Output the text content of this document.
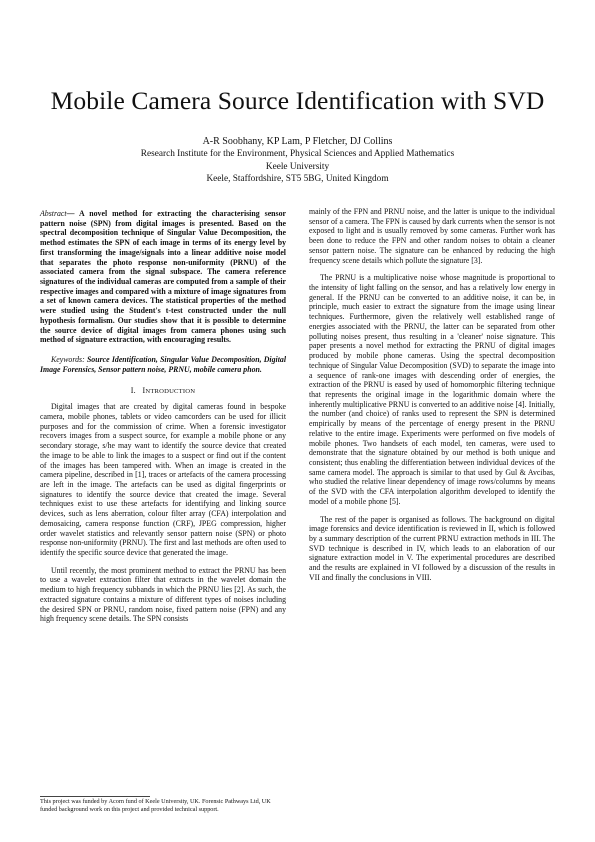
Mobile Camera Source Identification with SVD
A-R Soobhany, KP Lam, P Fletcher, DJ Collins
Research Institute for the Environment, Physical Sciences and Applied Mathematics
Keele University
Keele, Staffordshire, ST5 5BG, United Kingdom

Abstract— A novel method for extracting the characterising sensor pattern noise (SPN) from digital images is presented. Based on the spectral decomposition technique of Singular Value Decomposition, the method estimates the SPN of each image in terms of its energy level by first transforming the image/signals into a linear additive noise model that separates the photo response non-uniformity (PRNU) of the associated camera from the signal subspace. The camera reference signatures of the individual cameras are computed from a sample of their respective images and compared with a mixture of image signatures from a set of known camera devices. The statistical properties of the method were studied using the Student's t-test constructed under the null hypothesis formalism. Our studies show that it is possible to determine the source device of digital images from camera phones using such method of signature extraction, with encouraging results.

Keywords: Source Identification, Singular Value Decomposition, Digital Image Forensics, Sensor pattern noise, PRNU, mobile camera phon.

I. INTRODUCTION

Digital images that are created by digital cameras found in bespoke camera, mobile phones, tablets or video camcorders can be used for illicit purposes and for the commission of crime. When a forensic investigator recovers images from a suspect source, for example a mobile phone or any secondary storage, s/he may want to identify the source device that created the image to be able to link the images to a suspect or find out if the content of the images has been tampered with. When an image is created in the camera pipeline, described in [1], traces or artefacts of the camera processing are left in the image. The artefacts can be used as digital fingerprints or signatures to identify the source device that created the image. Several techniques exist to use these artefacts for identifying and linking source devices, such as lens aberration, colour filter array (CFA) interpolation and demosaicing, camera response function (CRF), JPEG compression, higher order wavelet statistics and relevantly sensor pattern noise (SPN) or photo response non-uniformity (PRNU). The first and last methods are often used to identify the specific source device that generated the image.

Until recently, the most prominent method to extract the PRNU has been to use a wavelet extraction filter that extracts in the wavelet domain the medium to high frequency subbands in which the PRNU lies [2]. As such, the extracted signature contains a mixture of different types of noises including the desired SPN or PRNU, random noise, fixed pattern noise (FPN) and any high frequency scene details. The SPN consists

mainly of the FPN and PRNU noise, and the latter is unique to the individual sensor of a camera. The FPN is caused by dark currents when the sensor is not exposed to light and is usually removed by some cameras. Further work has been done to reduce the FPN and other random noises to obtain a cleaner sensor pattern noise. The signature can be enhanced by reducing the high frequency scene details which pollute the signature [3].

The PRNU is a multiplicative noise whose magnitude is proportional to the intensity of light falling on the sensor, and has a relatively low energy in general. If the PRNU can be converted to an additive noise, it can be, in principle, much easier to extract the signature from the image using linear techniques. Furthermore, given the relatively well established range of energies associated with the PRNU, the latter can be separated from other polluting noises present, thus resulting in a 'cleaner' noise signature. This paper presents a novel method for extracting the PRNU of digital images produced by mobile phone cameras. Using the spectral decomposition technique of Singular Value Decomposition (SVD) to separate the image into a sequence of rank-one images with descending order of energies, the extraction of the PRNU is eased by used of homomorphic filtering technique that represents the original image in the logarithmic domain where the inherently multiplicative PRNU is converted to an additive noise [4]. Initially, the number (and choice) of ranks used to represent the SPN is determined empirically by means of the percentage of energy present in the PRNU relative to the entire image. Experiments were performed on five models of mobile phones. Two handsets of each model, ten cameras, were used to demonstrate that the signature obtained by our method is both unique and consistent; thus enabling the differentiation between individual devices of the same camera model. The approach is similar to that used by Gul & Avcibas, who studied the relative linear dependency of image rows/columns by means of the SVD with the CFA interpolation algorithm developed to identify the model of a mobile phone [5].

The rest of the paper is organised as follows. The background on digital image forensics and device identification is reviewed in II, which is followed by a summary description of the current PRNU extraction methods in III. The SVD technique is described in IV, which leads to an elaboration of our signature extraction model in V. The experimental procedures are described and the results are explained in VI followed by a discussion of the results in VII and finally the conclusions in VIII.

This project was funded by Acorn fund of Keele University, UK. Forensic Pathways Ltd, UK funded background work on this project and provided technical support.
